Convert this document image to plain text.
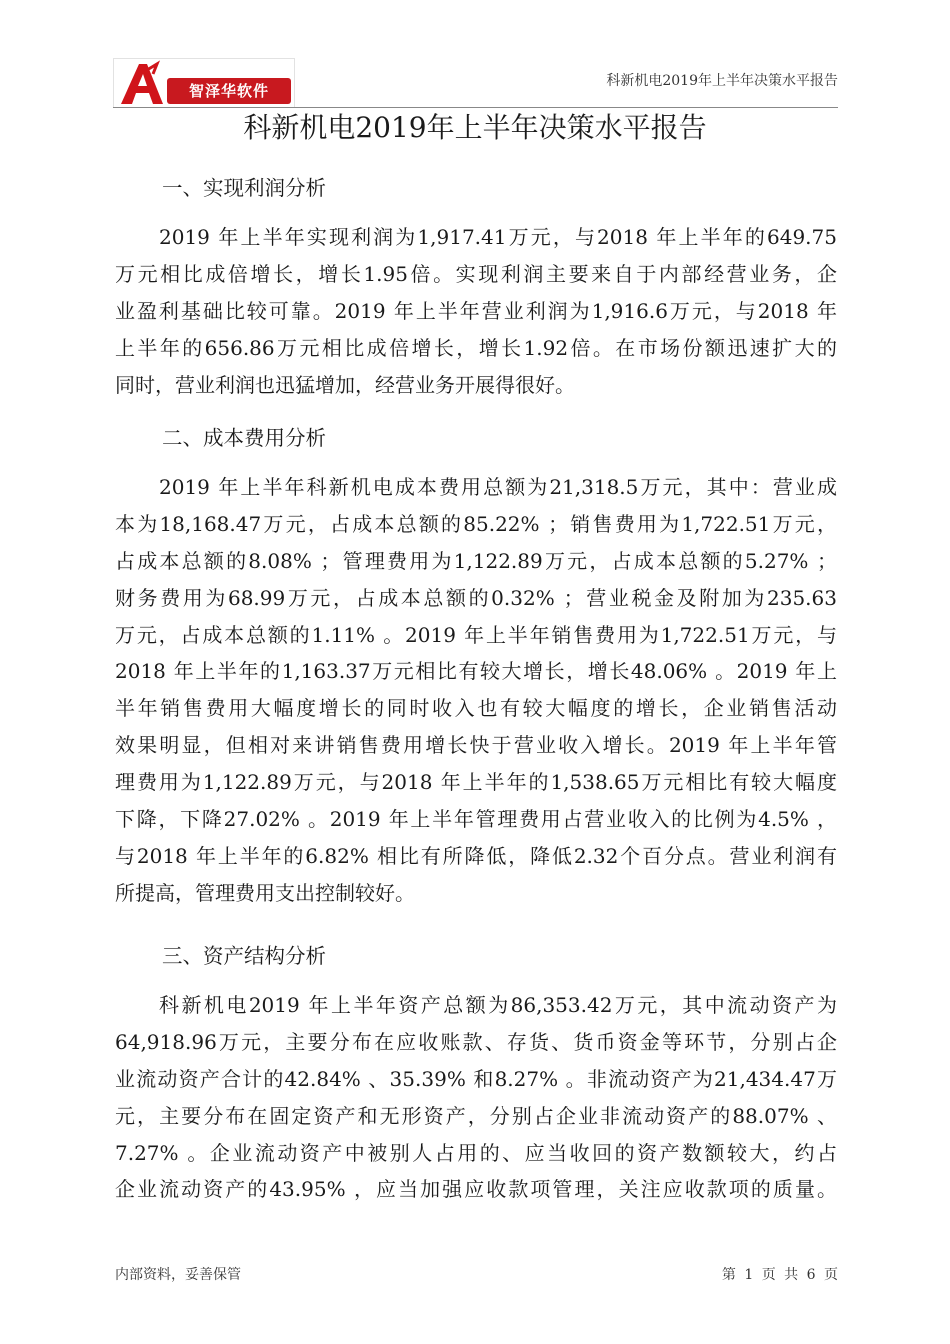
智泽华软件
科新机电2019年上半年决策水平报告
科新机电2019年上半年决策水平报告
一、实现利润分析
2019 年上半年实现利润为1,917.41万元，与2018 年上半年的649.75
万元相比成倍增长，增长1.95倍。实现利润主要来自于内部经营业务，企
业盈利基础比较可靠。2019 年上半年营业利润为1,916.6万元，与2018 年
上半年的656.86万元相比成倍增长，增长1.92倍。在市场份额迅速扩大的
同时，营业利润也迅猛增加，经营业务开展得很好。
二、成本费用分析
2019 年上半年科新机电成本费用总额为21,318.5万元，其中：营业成
本为18,168.47万元，占成本总额的85.22% ；销售费用为1,722.51万元，
占成本总额的8.08% ；管理费用为1,122.89万元，占成本总额的5.27% ；
财务费用为68.99万元，占成本总额的0.32% ；营业税金及附加为235.63
万元，占成本总额的1.11% 。2019 年上半年销售费用为1,722.51万元，与
2018 年上半年的1,163.37万元相比有较大增长，增长48.06% 。2019 年上
半年销售费用大幅度增长的同时收入也有较大幅度的增长，企业销售活动
效果明显，但相对来讲销售费用增长快于营业收入增长。2019 年上半年管
理费用为1,122.89万元，与2018 年上半年的1,538.65万元相比有较大幅度
下降，下降27.02% 。2019 年上半年管理费用占营业收入的比例为4.5% ，
与2018 年上半年的6.82% 相比有所降低，降低2.32个百分点。营业利润有
所提高，管理费用支出控制较好。
三、资产结构分析
科新机电2019 年上半年资产总额为86,353.42万元，其中流动资产为
64,918.96万元，主要分布在应收账款、存货、货币资金等环节，分别占企
业流动资产合计的42.84% 、35.39% 和8.27% 。非流动资产为21,434.47万
元，主要分布在固定资产和无形资产，分别占企业非流动资产的88.07% 、
7.27% 。企业流动资产中被别人占用的、应当收回的资产数额较大，约占
企业流动资产的43.95% ，应当加强应收款项管理，关注应收款项的质量。
内部资料，妥善保管	第 1 页 共 6 页
